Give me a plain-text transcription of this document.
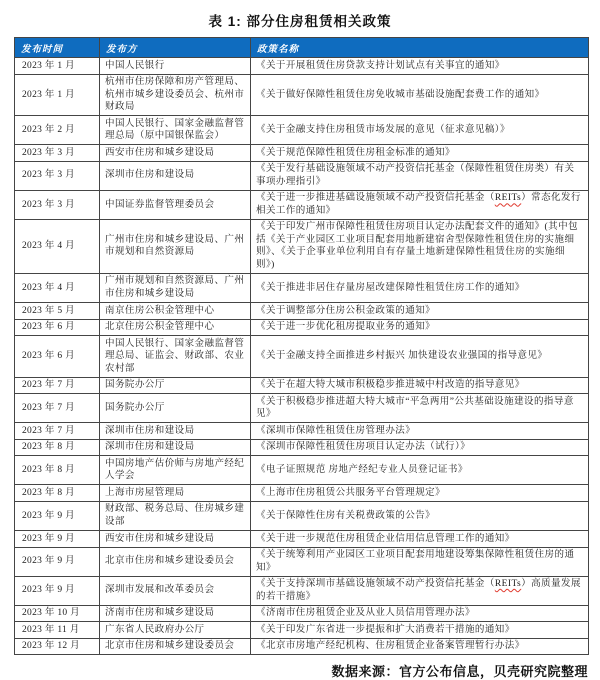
表 1: 部分住房租赁相关政策
发布时间	发布方	政策名称
2023 年 1 月	中国人民银行	《关于开展租赁住房贷款支持计划试点有关事宜的通知》
2023 年 1 月	杭州市住房保障和房产管理局、杭州市城乡建设委员会、杭州市财政局	《关于做好保障性租赁住房免收城市基础设施配套费工作的通知》
2023 年 2 月	中国人民银行、国家金融监督管理总局（原中国银保监会）	《关于金融支持住房租赁市场发展的意见（征求意见稿）》
2023 年 3 月	西安市住房和城乡建设局	《关于规范保障性租赁住房租金标准的通知》
2023 年 3 月	深圳市住房和建设局	《关于发行基础设施领域不动产投资信托基金（保障性租赁住房类）有关事项办理指引》
2023 年 3 月	中国证券监督管理委员会	《关于进一步推进基础设施领域不动产投资信托基金（REITs）常态化发行相关工作的通知》
2023 年 4 月	广州市住房和城乡建设局、广州市规划和自然资源局	《关于印发广州市保障性租赁住房项目认定办法配套文件的通知》(其中包括《关于产业园区工业项目配套用地新建宿舍型保障性租赁住房的实施细则》、《关于企事业单位利用自有存量土地新建保障性租赁住房的实施细则》)
2023 年 4 月	广州市规划和自然资源局、广州市住房和城乡建设局	《关于推进非居住存量房屋改建保障性租赁住房工作的通知》
2023 年 5 月	南京住房公积金管理中心	《关于调整部分住房公积金政策的通知》
2023 年 6 月	北京住房公积金管理中心	《关于进一步优化租房提取业务的通知》
2023 年 6 月	中国人民银行、国家金融监督管理总局、证监会、财政部、农业农村部	《关于金融支持全面推进乡村振兴 加快建设农业强国的指导意见》
2023 年 7 月	国务院办公厅	《关于在超大特大城市积极稳步推进城中村改造的指导意见》
2023 年 7 月	国务院办公厅	《关于积极稳步推进超大特大城市“平急两用”公共基础设施建设的指导意见》
2023 年 7 月	深圳市住房和建设局	《深圳市保障性租赁住房管理办法》
2023 年 8 月	深圳市住房和建设局	《深圳市保障性租赁住房项目认定办法（试行）》
2023 年 8 月	中国房地产估价师与房地产经纪人学会	《电子证照规范 房地产经纪专业人员登记证书》
2023 年 8 月	上海市房屋管理局	《上海市住房租赁公共服务平台管理规定》
2023 年 9 月	财政部、税务总局、住房城乡建设部	《关于保障性住房有关税费政策的公告》
2023 年 9 月	西安市住房和城乡建设局	《关于进一步规范住房租赁企业信用信息管理工作的通知》
2023 年 9 月	北京市住房和城乡建设委员会	《关于统筹利用产业园区工业项目配套用地建设筹集保障性租赁住房的通知》
2023 年 9 月	深圳市发展和改革委员会	《关于支持深圳市基础设施领域不动产投资信托基金（REITs）高质量发展的若干措施》
2023 年 10 月	济南市住房和城乡建设局	《济南市住房租赁企业及从业人员信用管理办法》
2023 年 11 月	广东省人民政府办公厅	《关于印发广东省进一步提振和扩大消费若干措施的通知》
2023 年 12 月	北京市住房和城乡建设委员会	《北京市房地产经纪机构、住房租赁企业备案管理暂行办法》
数据来源：官方公布信息，贝壳研究院整理
